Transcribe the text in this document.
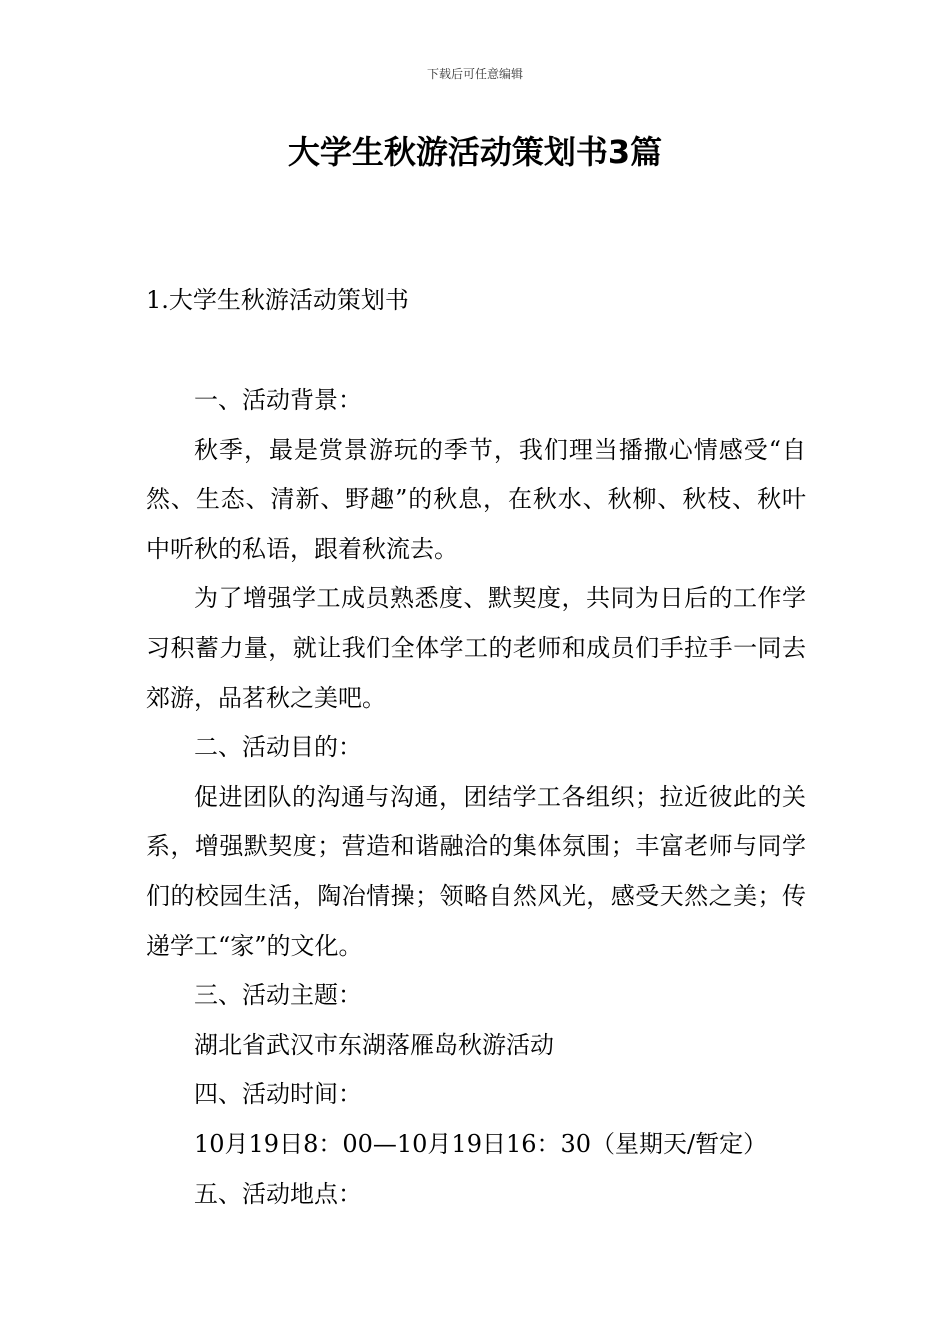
下载后可任意编辑
大学生秋游活动策划书3篇
1.大学生秋游活动策划书

一、活动背景：

秋季，最是赏景游玩的季节，我们理当播撒心情感受“自然、生态、清新、野趣”的秋息，在秋水、秋柳、秋枝、秋叶中听秋的私语，跟着秋流去。

为了增强学工成员熟悉度、默契度，共同为日后的工作学习积蓄力量，就让我们全体学工的老师和成员们手拉手一同去郊游，品茗秋之美吧。

二、活动目的：

促进团队的沟通与沟通，团结学工各组织；拉近彼此的关系，增强默契度；营造和谐融洽的集体氛围；丰富老师与同学们的校园生活，陶冶情操；领略自然风光，感受天然之美；传递学工“家”的文化。

三、活动主题：

湖北省武汉市东湖落雁岛秋游活动

四、活动时间：

10月19日8：00—10月19日16：30（星期天/暂定）

五、活动地点：
